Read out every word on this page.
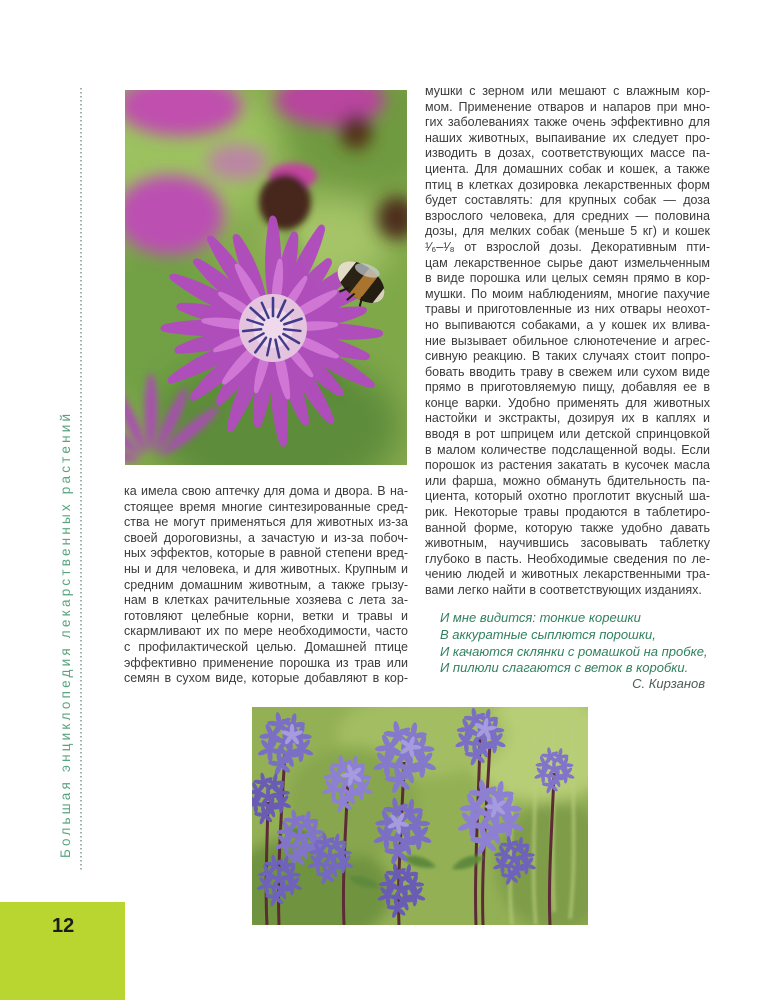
Большая энциклопедия лекарственных растений
12
ка имела свою аптечку для дома и двора. В на-
стоящее время многие синтезированные сред-
ства не могут применяться для животных из-за
своей дороговизны, а зачастую и из-за побоч-
ных эффектов, которые в равной степени вред-
ны и для человека, и для животных. Крупным и
средним домашним животным, а также грызу-
нам в клетках рачительные хозяева с лета за-
готовляют целебные корни, ветки и травы и
скармливают их по мере необходимости, часто
с профилактической целью. Домашней птице
эффективно применение порошка из трав или
семян в сухом виде, которые добавляют в кор-
мушки с зерном или мешают с влажным кор-
мом. Применение отваров и напаров при мно-
гих заболеваниях также очень эффективно для
наших животных, выпаивание их следует про-
изводить в дозах, соответствующих массе па-
циента. Для домашних собак и кошек, а также
птиц в клетках дозировка лекарственных форм
будет составлять: для крупных собак — доза
взрослого человека, для средних — половина
дозы, для мелких собак (меньше 5 кг) и кошек
¹⁄₆–¹⁄₈ от взрослой дозы. Декоративным пти-
цам лекарственное сырье дают измельченным
в виде порошка или целых семян прямо в кор-
мушки. По моим наблюдениям, многие пахучие
травы и приготовленные из них отвары неохот-
но выпиваются собаками, а у кошек их влива-
ние вызывает обильное слюнотечение и агрес-
сивную реакцию. В таких случаях стоит попро-
бовать вводить траву в свежем или сухом виде
прямо в приготовляемую пищу, добавляя ее в
конце варки. Удобно применять для животных
настойки и экстракты, дозируя их в каплях и
вводя в рот шприцем или детской спринцовкой
в малом количестве подслащенной воды. Если
порошок из растения закатать в кусочек масла
или фарша, можно обмануть бдительность па-
циента, который охотно проглотит вкусный ша-
рик. Некоторые травы продаются в таблетиро-
ванной форме, которую также удобно давать
животным, научившись засовывать таблетку
глубоко в пасть. Необходимые сведения по ле-
чению людей и животных лекарственными тра-
вами легко найти в соответствующих изданиях.
И мне видится: тонкие корешки
В аккуратные сыплются порошки,
И качаются склянки с ромашкой на пробке,
И пилюли слагаются с веток в коробки.
С. Кирзанов
